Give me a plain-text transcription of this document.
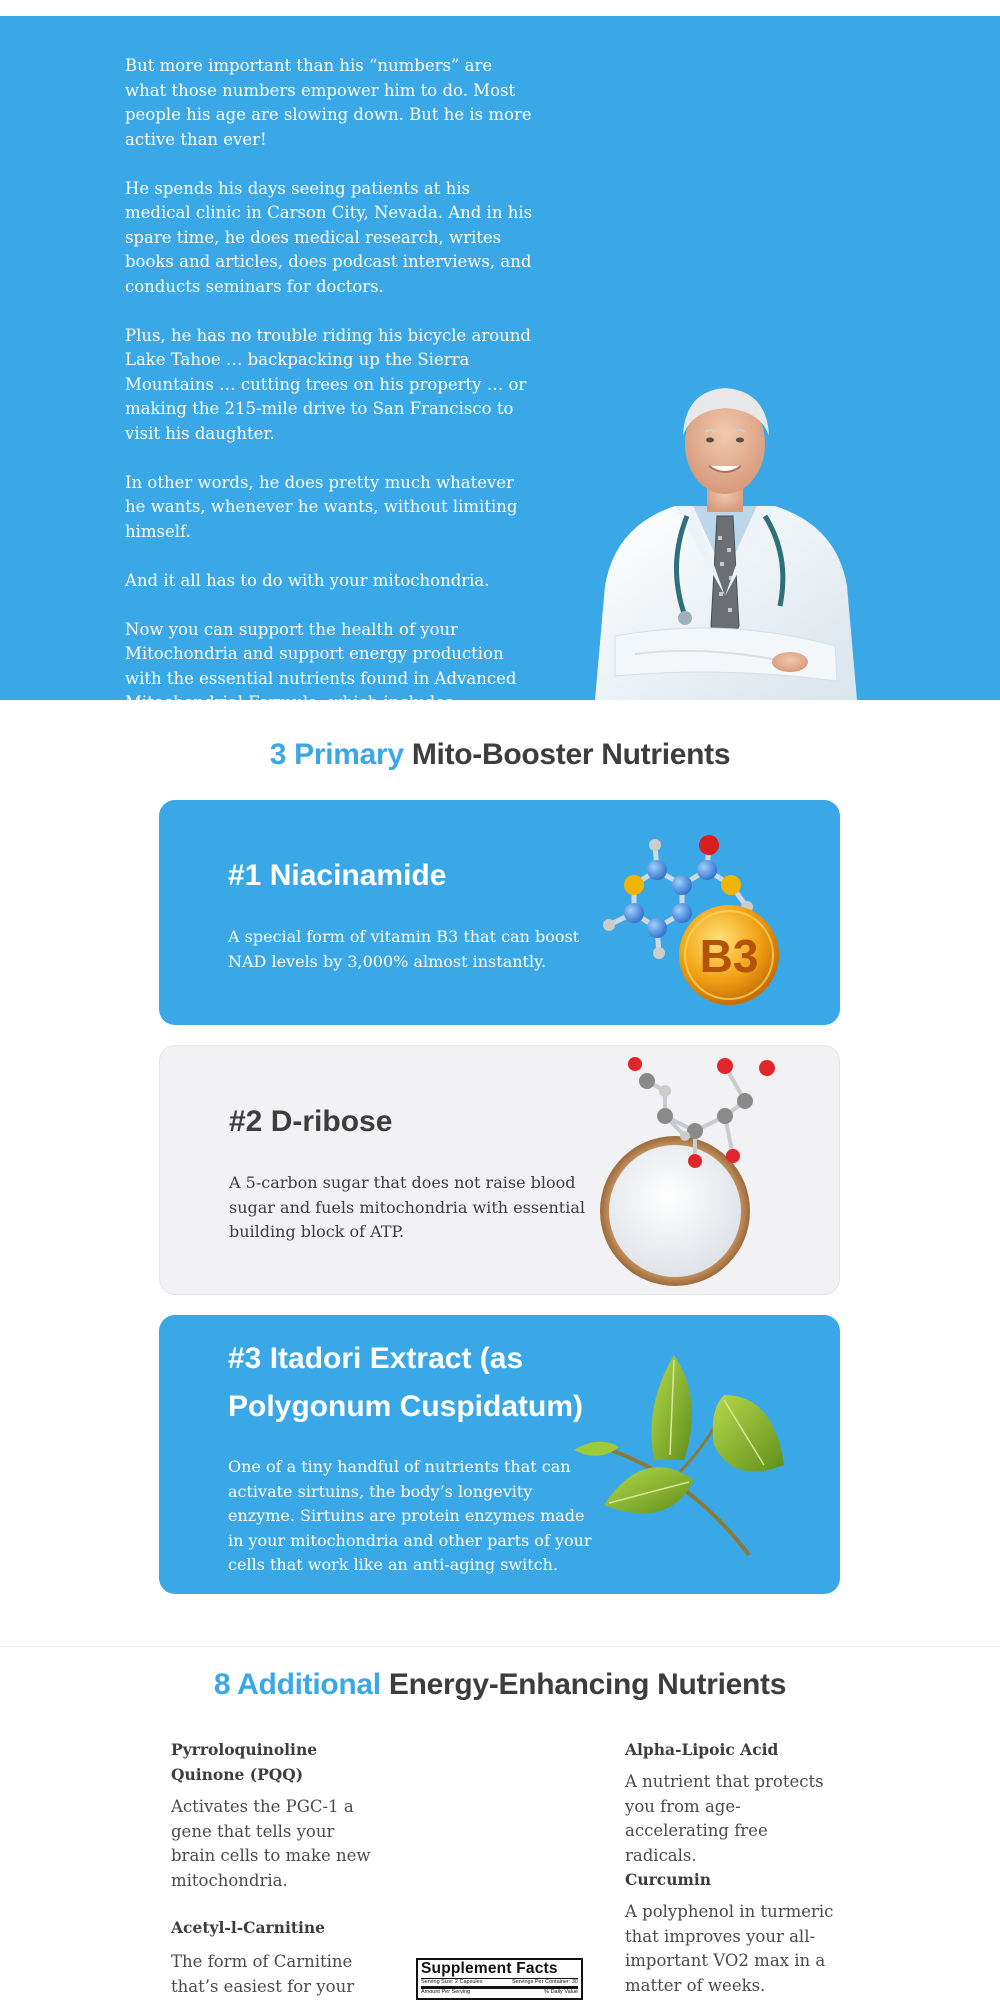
But more important than his “numbers” are what those numbers empower him to do. Most people his age are slowing down. But he is more active than ever!

He spends his days seeing patients at his medical clinic in Carson City, Nevada. And in his spare time, he does medical research, writes books and articles, does podcast interviews, and conducts seminars for doctors.

Plus, he has no trouble riding his bicycle around Lake Tahoe … backpacking up the Sierra Mountains … cutting trees on his property … or making the 215-mile drive to San Francisco to visit his daughter.

In other words, he does pretty much whatever he wants, whenever he wants, without limiting himself.

And it all has to do with your mitochondria.

Now you can support the health of your Mitochondria and support energy production with the essential nutrients found in Advanced Mitochondrial Formula, which includes:

3 Primary Mito-Booster Nutrients
#1 Niacinamide
A special form of vitamin B3 that can boost NAD levels by 3,000% almost instantly.	B3
#2 D-ribose
A 5-carbon sugar that does not raise blood sugar and fuels mitochondria with essential building block of ATP.
#3 Itadori Extract (as Polygonum Cuspidatum)
One of a tiny handful of nutrients that can activate sirtuins, the body’s longevity enzyme. Sirtuins are protein enzymes made in your mitochondria and other parts of your cells that work like an anti-aging switch.
8 Additional Energy-Enhancing Nutrients
Pyrroloquinoline Quinone (PQQ)
Activates the PGC-1 a gene that tells your brain cells to make new mitochondria.
Acetyl-l-Carnitine
The form of Carnitine that’s easiest for your
Alpha-Lipoic Acid
A nutrient that protects you from age-accelerating free radicals.
Curcumin
A polyphenol in turmeric that improves your all-important VO2 max in a matter of weeks.
Supplement Facts
Serving Size: 2 Capsules	Servings Per Container: 30
Amount Per Serving	% Daily Value
